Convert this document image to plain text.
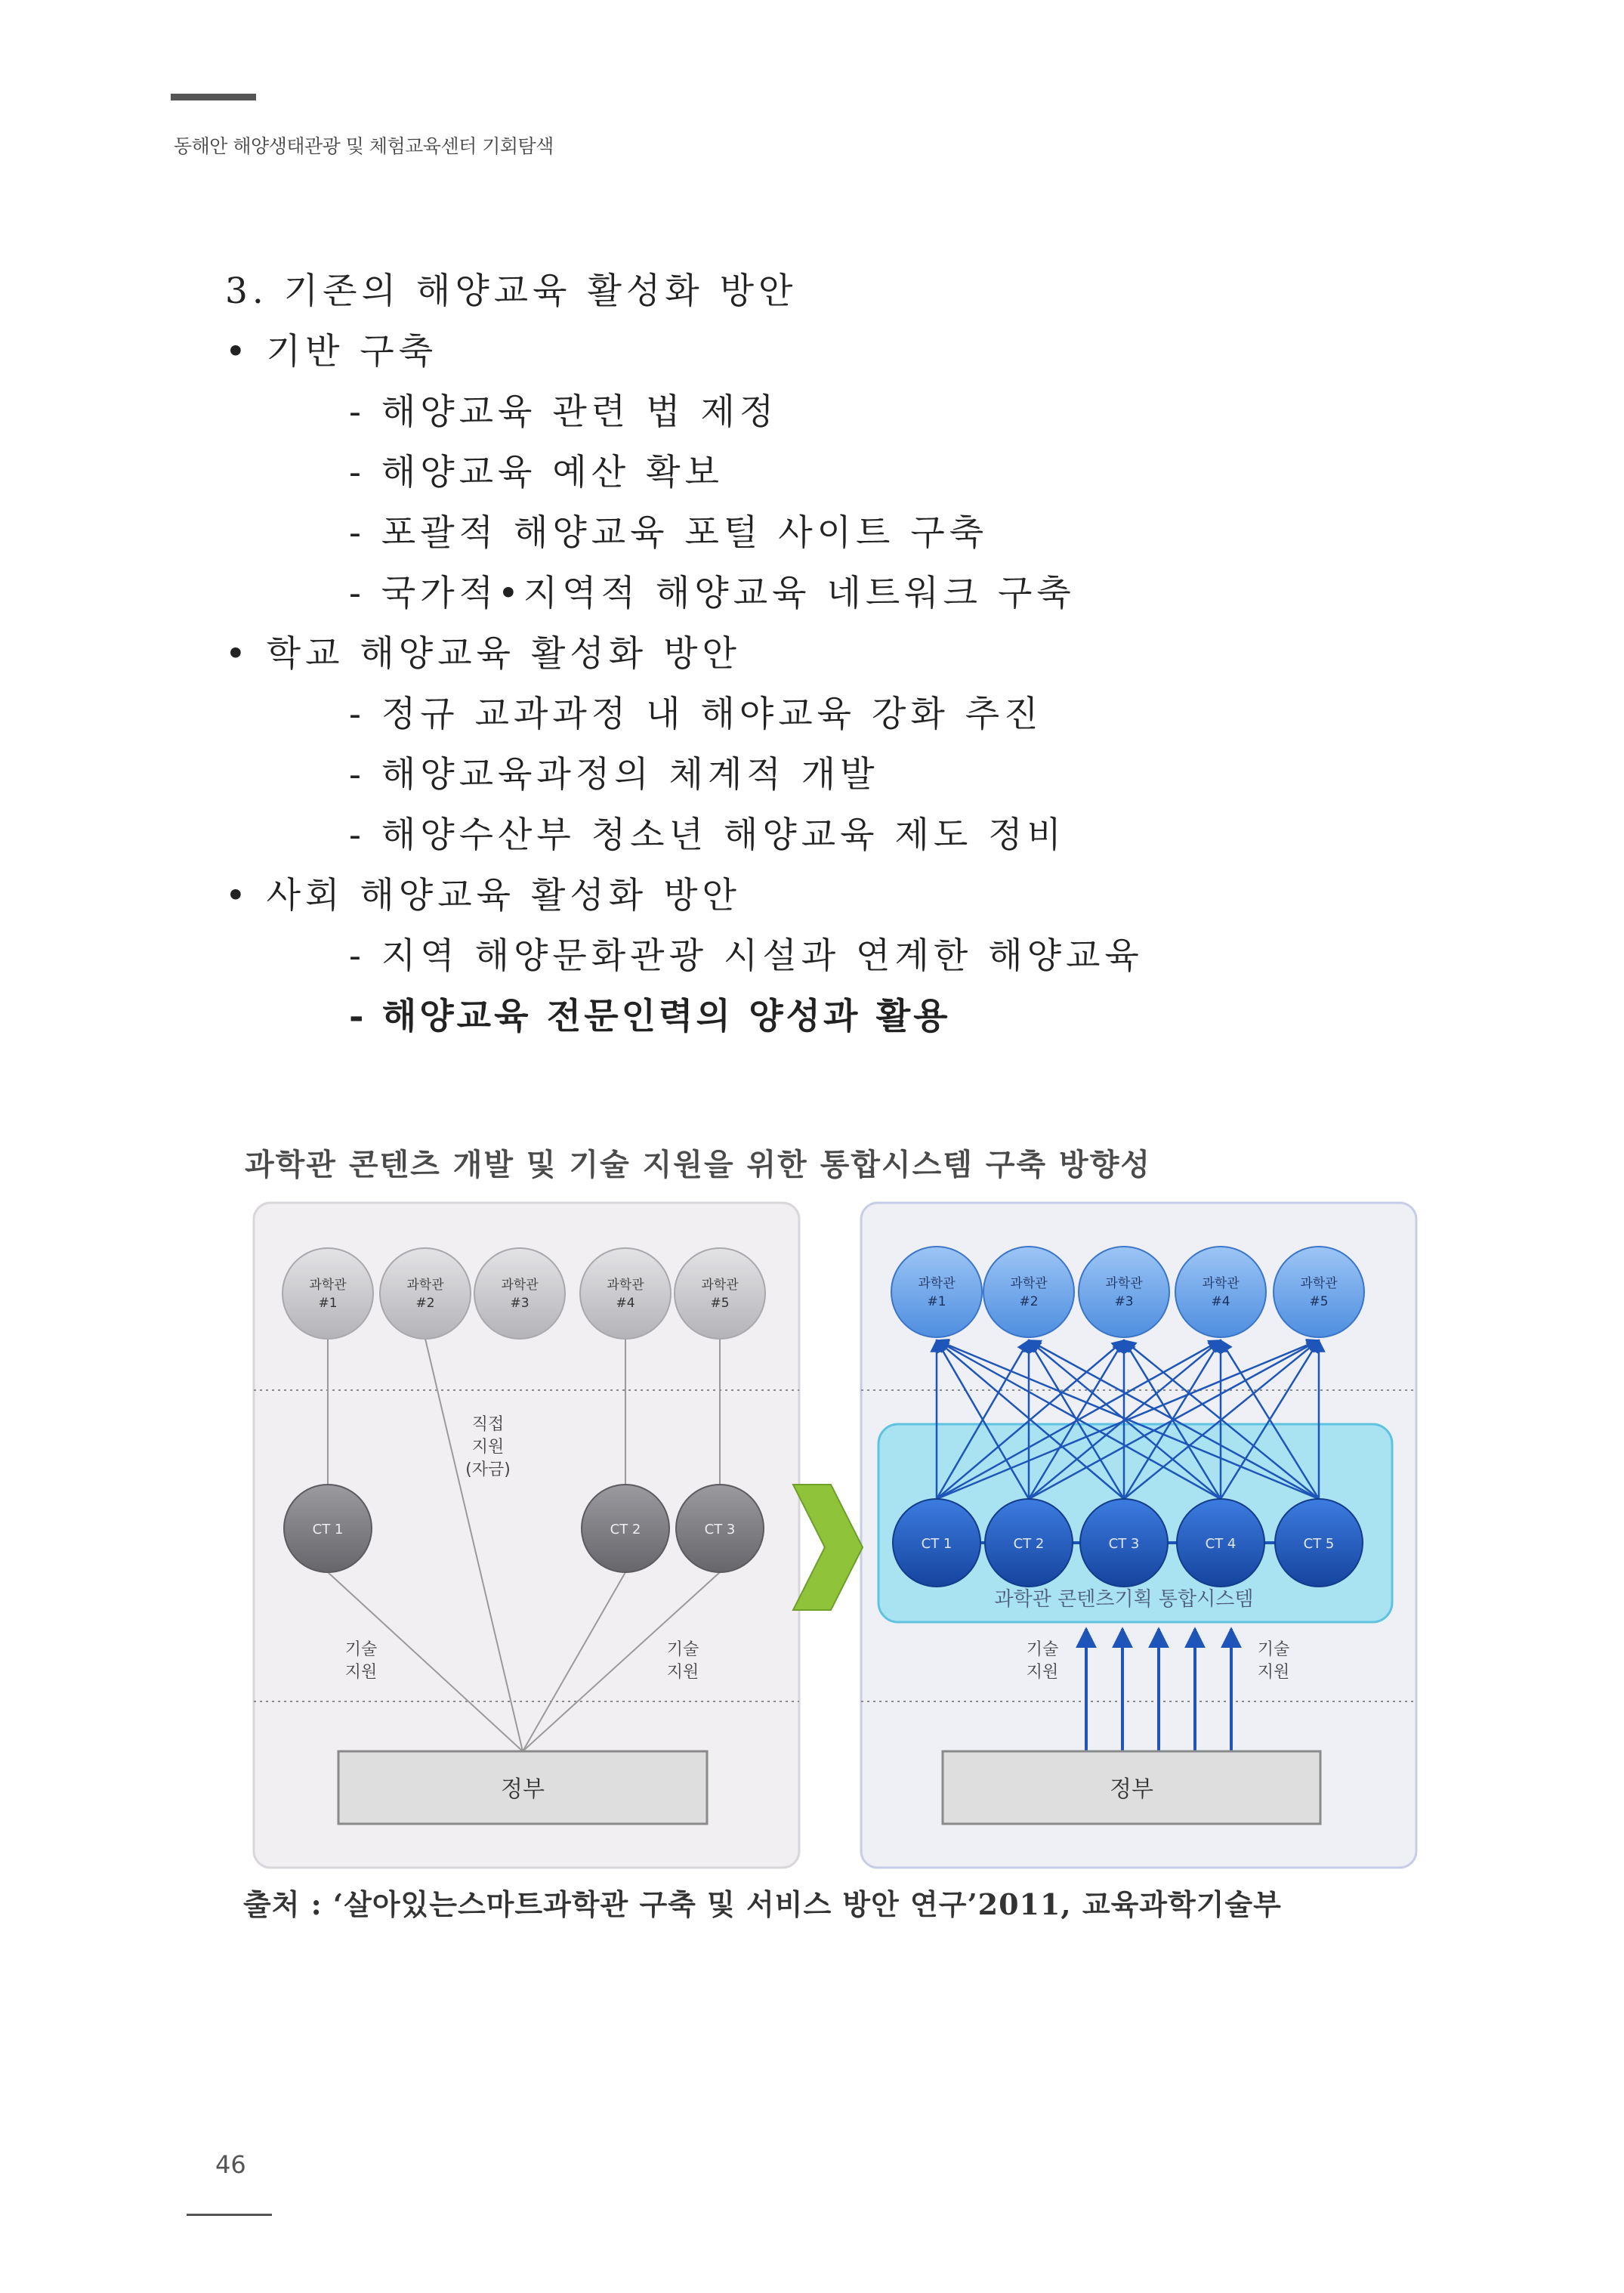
동해안 해양생태관광 및 체험교육센터 기회탐색
3. 기존의 해양교육 활성화 방안
• 기반 구축
- 해양교육 관련 법 제정
- 해양교육 예산 확보
- 포괄적 해양교육 포털 사이트 구축
- 국가적•지역적 해양교육 네트워크 구축
• 학교 해양교육 활성화 방안
- 정규 교과과정 내 해야교육 강화 추진
- 해양교육과정의 체계적 개발
- 해양수산부 청소년 해양교육 제도 정비
• 사회 해양교육 활성화 방안
- 지역 해양문화관광 시설과 연계한 해양교육
- 해양교육 전문인력의 양성과 활용
과학관 콘텐츠 개발 및 기술 지원을 위한 통합시스템 구축 방향성
과학관
#1
과학관
#2
과학관
#3
과학관
#4
과학관
#5
CT 1	CT 2	CT 3
직접
지원
(자금)
기술
지원
기술
지원
정부
과학관
#1
과학관
#2
과학관
#3
과학관
#4
과학관
#5
CT 1	CT 2	CT 3	CT 4	CT 5
과학관 콘텐츠기획 통합시스템
기술
지원
기술
지원
정부
출처 : ‘살아있는스마트과학관 구축 및 서비스 방안 연구’2011, 교육과학기술부
46
